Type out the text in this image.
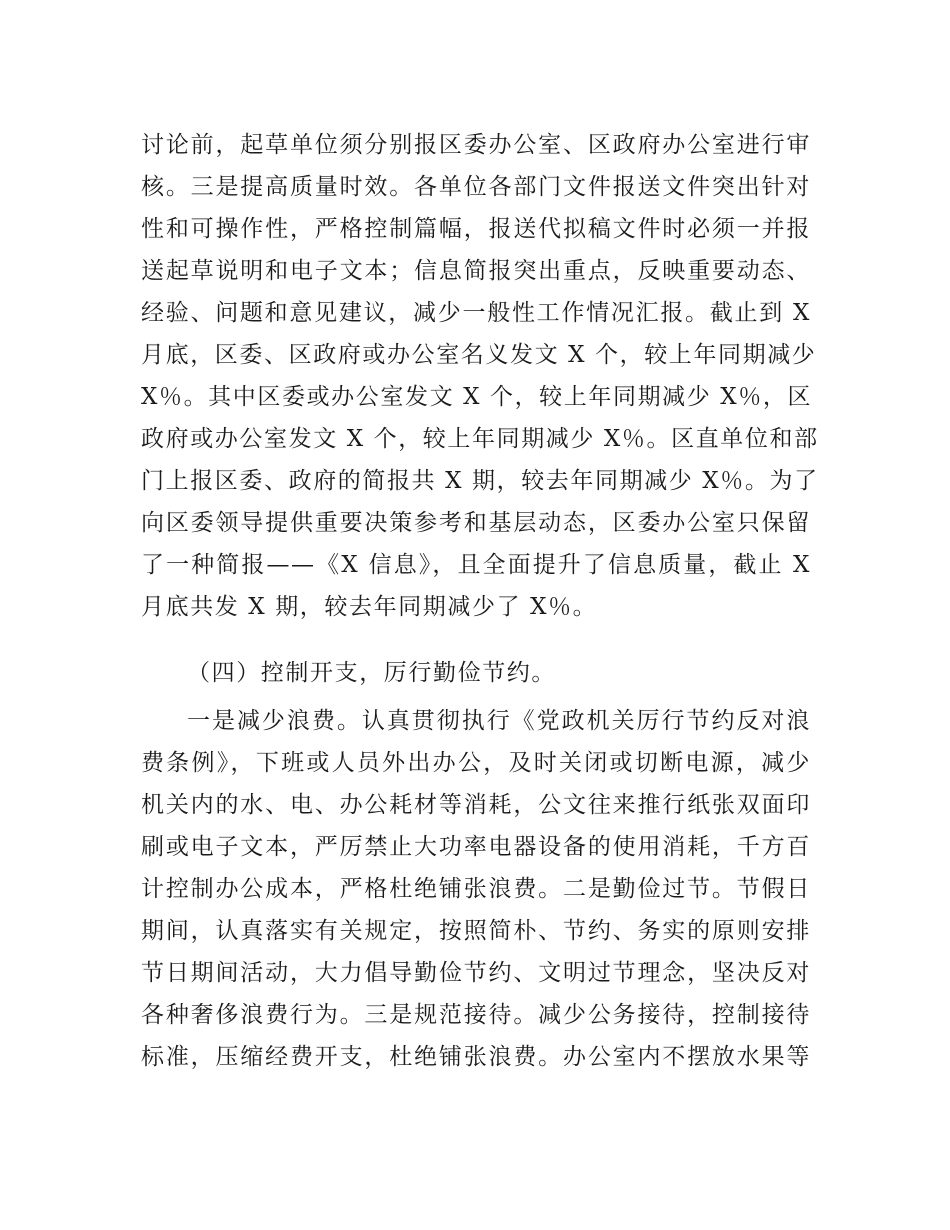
讨论前，起草单位须分别报区委办公室、区政府办公室进行审
核。三是提高质量时效。各单位各部门文件报送文件突出针对
性和可操作性，严格控制篇幅，报送代拟稿文件时必须一并报
送起草说明和电子文本；信息简报突出重点，反映重要动态、
经验、问题和意见建议，减少一般性工作情况汇报。截止到 X
月底，区委、区政府或办公室名义发文 X 个，较上年同期减少
X％。其中区委或办公室发文 X 个，较上年同期减少 X％，区
政府或办公室发文 X 个，较上年同期减少 X％。区直单位和部
门上报区委、政府的简报共 X 期，较去年同期减少 X％。为了
向区委领导提供重要决策参考和基层动态，区委办公室只保留
了一种简报——《X 信息》，且全面提升了信息质量，截止 X
月底共发 X 期，较去年同期减少了 X％。
（四）控制开支，厉行勤俭节约。
一是减少浪费。认真贯彻执行《党政机关厉行节约反对浪
费条例》，下班或人员外出办公，及时关闭或切断电源，减少
机关内的水、电、办公耗材等消耗，公文往来推行纸张双面印
刷或电子文本，严厉禁止大功率电器设备的使用消耗，千方百
计控制办公成本，严格杜绝铺张浪费。二是勤俭过节。节假日
期间，认真落实有关规定，按照简朴、节约、务实的原则安排
节日期间活动，大力倡导勤俭节约、文明过节理念，坚决反对
各种奢侈浪费行为。三是规范接待。减少公务接待，控制接待
标准，压缩经费开支，杜绝铺张浪费。办公室内不摆放水果等
